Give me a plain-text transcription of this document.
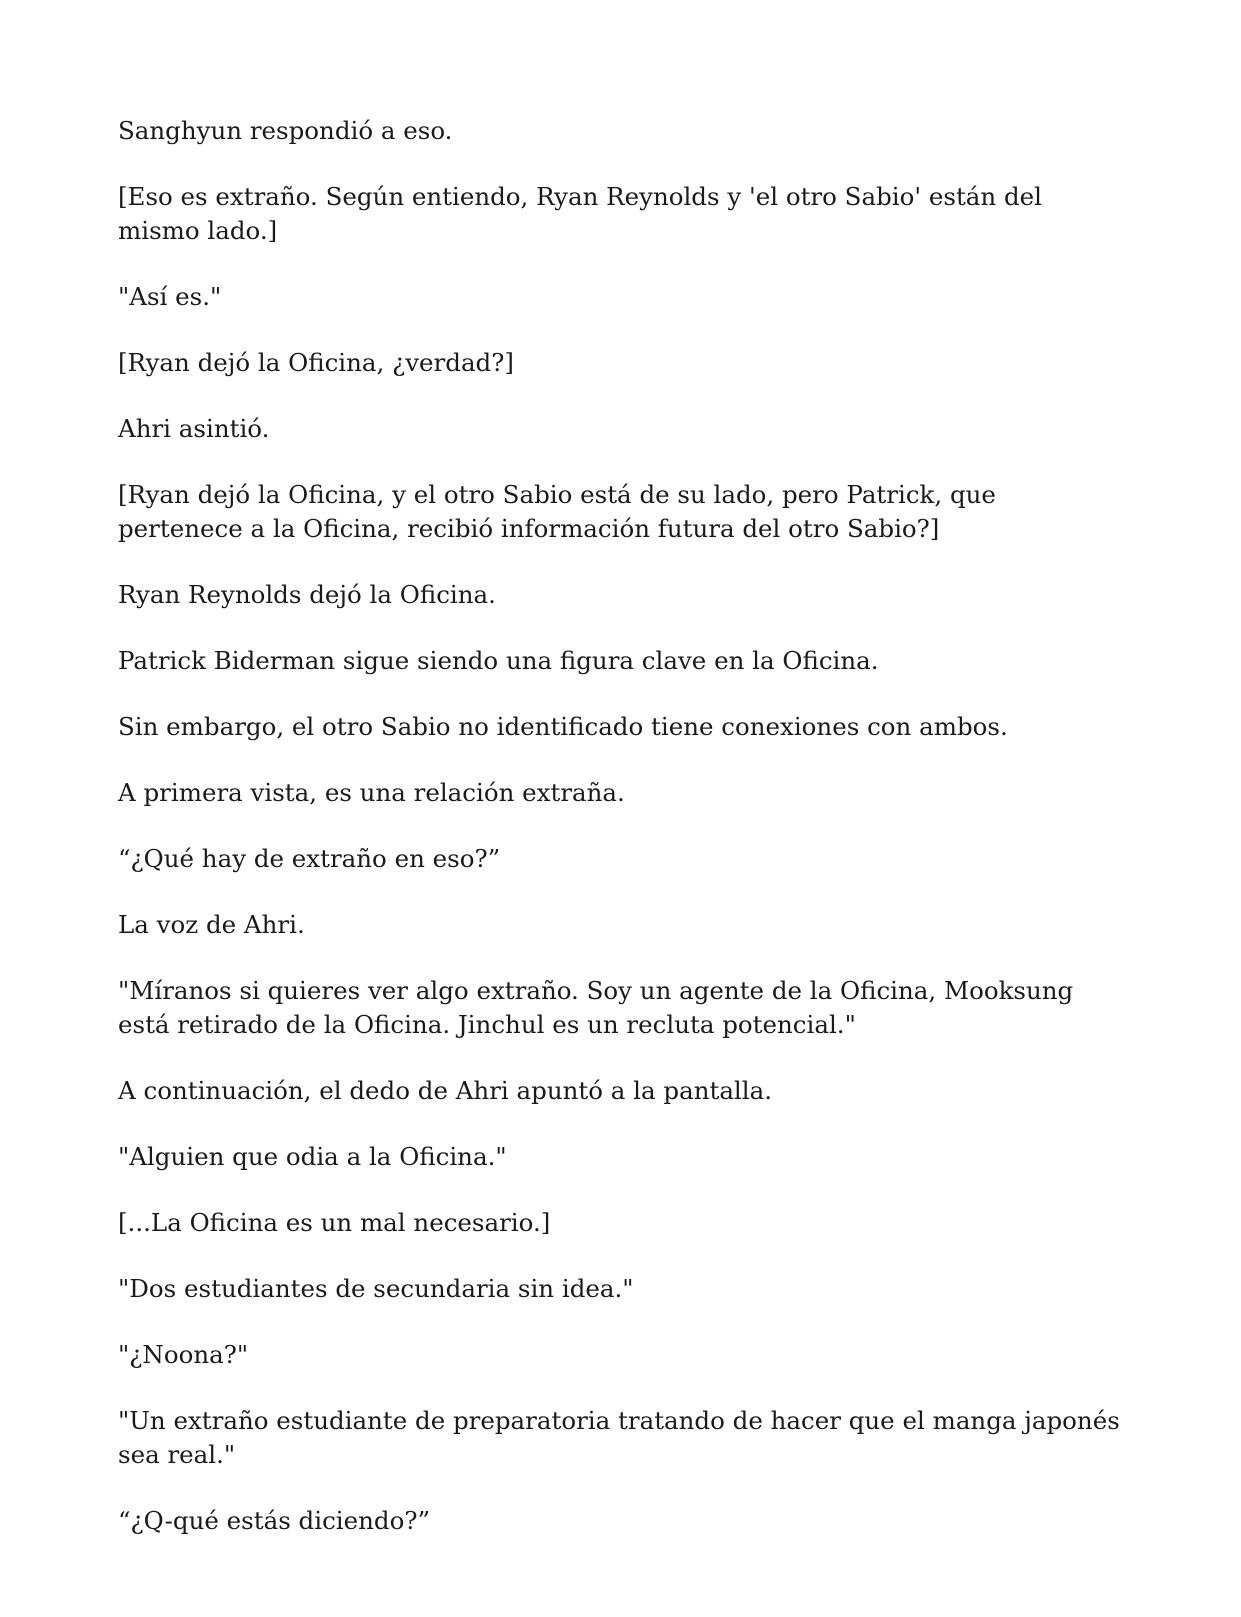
Sanghyun respondió a eso.

[Eso es extraño. Según entiendo, Ryan Reynolds y 'el otro Sabio' están del mismo lado.]

"Así es."

[Ryan dejó la Oficina, ¿verdad?]

Ahri asintió.

[Ryan dejó la Oficina, y el otro Sabio está de su lado, pero Patrick, que pertenece a la Oficina, recibió información futura del otro Sabio?]

Ryan Reynolds dejó la Oficina.

Patrick Biderman sigue siendo una figura clave en la Oficina.

Sin embargo, el otro Sabio no identificado tiene conexiones con ambos.

A primera vista, es una relación extraña.

“¿Qué hay de extraño en eso?”

La voz de Ahri.

"Míranos si quieres ver algo extraño. Soy un agente de la Oficina, Mooksung está retirado de la Oficina. Jinchul es un recluta potencial."

A continuación, el dedo de Ahri apuntó a la pantalla.

"Alguien que odia a la Oficina."

[...La Oficina es un mal necesario.]

"Dos estudiantes de secundaria sin idea."

"¿Noona?"

"Un extraño estudiante de preparatoria tratando de hacer que el manga japonés sea real."

“¿Q-qué estás diciendo?”
